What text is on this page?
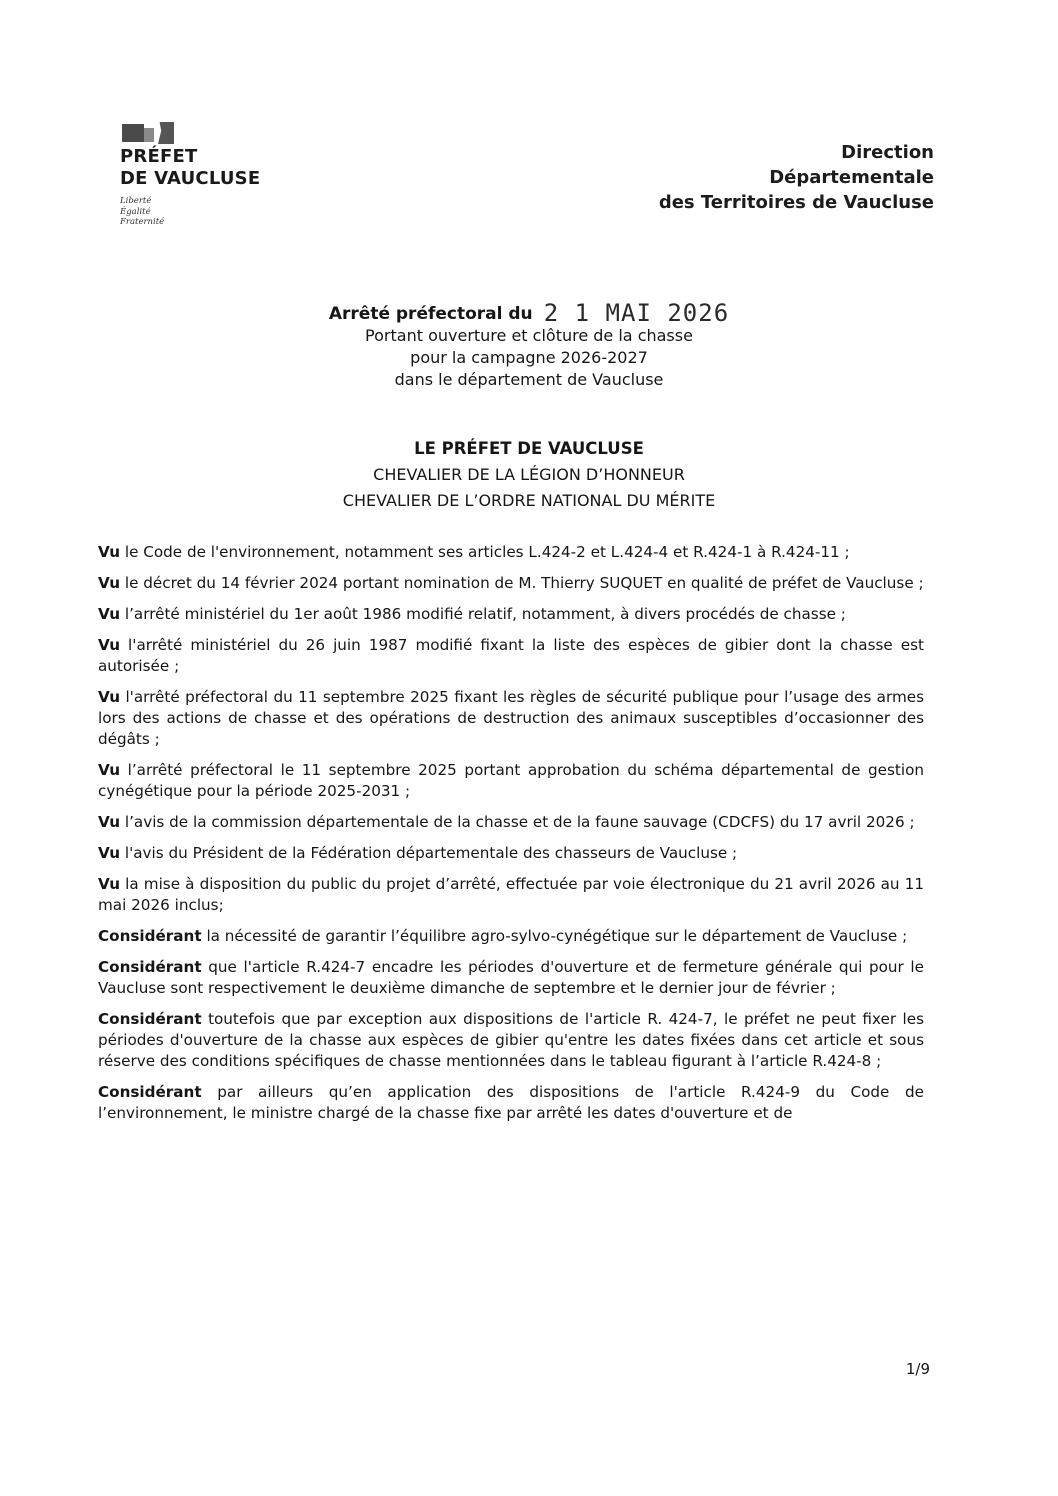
PRÉFET
DE VAUCLUSE
Liberté
Égalité
Fraternité
Direction
Départementale
des Territoires de Vaucluse
Arrêté préfectoral du 2 1 MAI 2026
Portant ouverture et clôture de la chasse
pour la campagne 2026-2027
dans le département de Vaucluse
LE PRÉFET DE VAUCLUSE
CHEVALIER DE LA LÉGION D’HONNEUR
CHEVALIER DE L’ORDRE NATIONAL DU MÉRITE

Vu le Code de l'environnement, notamment ses articles L.424-2 et L.424-4 et R.424-1 à R.424-11 ;

Vu le décret du 14 février 2024 portant nomination de M. Thierry SUQUET en qualité de préfet de Vaucluse ;

Vu l’arrêté ministériel du 1er août 1986 modifié relatif, notamment, à divers procédés de chasse ;

Vu l'arrêté ministériel du 26 juin 1987 modifié fixant la liste des espèces de gibier dont la chasse est autorisée ;

Vu l'arrêté préfectoral du 11 septembre 2025 fixant les règles de sécurité publique pour l’usage des armes lors des actions de chasse et des opérations de destruction des animaux susceptibles d’occasionner des dégâts ;

Vu l’arrêté préfectoral le 11 septembre 2025 portant approbation du schéma départemental de gestion cynégétique pour la période 2025-2031 ;

Vu l’avis de la commission départementale de la chasse et de la faune sauvage (CDCFS) du 17 avril 2026 ;

Vu l'avis du Président de la Fédération départementale des chasseurs de Vaucluse ;

Vu la mise à disposition du public du projet d’arrêté, effectuée par voie électronique du 21 avril 2026 au 11 mai 2026 inclus;

Considérant la nécessité de garantir l’équilibre agro-sylvo-cynégétique sur le département de Vaucluse ;

Considérant que l'article R.424-7 encadre les périodes d'ouverture et de fermeture générale qui pour le Vaucluse sont respectivement le deuxième dimanche de septembre et le dernier jour de février ;

Considérant toutefois que par exception aux dispositions de l'article R. 424-7, le préfet ne peut fixer les périodes d'ouverture de la chasse aux espèces de gibier qu'entre les dates fixées dans cet article et sous réserve des conditions spécifiques de chasse mentionnées dans le tableau figurant à l’article R.424-8 ;

Considérant par ailleurs qu’en application des dispositions de l'article R.424-9 du Code de l’environnement, le ministre chargé de la chasse fixe par arrêté les dates d'ouverture et de

1/9
